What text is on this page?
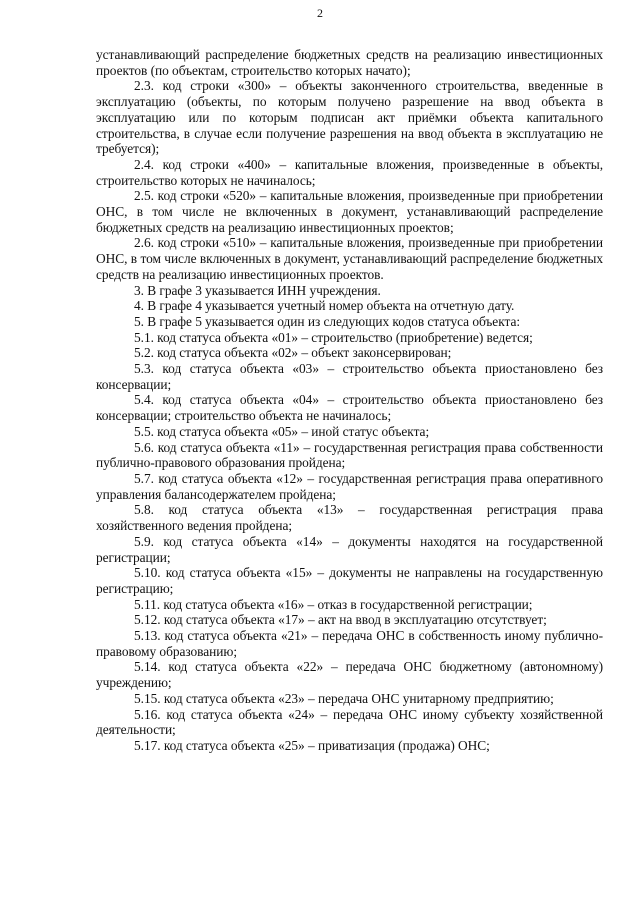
2

устанавливающий распределение бюджетных средств на реализацию инвестиционных проектов (по объектам, строительство которых начато);

2.3. код строки «300» – объекты законченного строительства, введенные в эксплуатацию (объекты, по которым получено разрешение на ввод объекта в эксплуатацию или по которым подписан акт приёмки объекта капитального строительства, в случае если получение разрешения на ввод объекта в эксплуатацию не требуется);

2.4. код строки «400» – капитальные вложения, произведенные в объекты, строительство которых не начиналось;

2.5. код строки «520» – капитальные вложения, произведенные при приобретении ОНС, в том числе не включенных в документ, устанавливающий распределение бюджетных средств на реализацию инвестиционных проектов;

2.6. код строки «510» – капитальные вложения, произведенные при приобретении ОНС, в том числе включенных в документ, устанавливающий распределение бюджетных средств на реализацию инвестиционных проектов.

3. В графе 3 указывается ИНН учреждения.

4. В графе 4 указывается учетный номер объекта на отчетную дату.

5. В графе 5 указывается один из следующих кодов статуса объекта:

5.1. код статуса объекта «01» – строительство (приобретение) ведется;

5.2. код статуса объекта «02» – объект законсервирован;

5.3. код статуса объекта «03» – строительство объекта приостановлено без консервации;

5.4. код статуса объекта «04» – строительство объекта приостановлено без консервации; строительство объекта не начиналось;

5.5. код статуса объекта «05» – иной статус объекта;

5.6. код статуса объекта «11» – государственная регистрация права собственности публично-правового образования пройдена;

5.7. код статуса объекта «12» – государственная регистрация права оперативного управления балансодержателем пройдена;

5.8. код статуса объекта «13» – государственная регистрация права хозяйственного ведения пройдена;

5.9. код статуса объекта «14» – документы находятся на государственной регистрации;

5.10. код статуса объекта «15» – документы не направлены на государственную регистрацию;

5.11. код статуса объекта «16» – отказ в государственной регистрации;

5.12. код статуса объекта «17» – акт на ввод в эксплуатацию отсутствует;

5.13. код статуса объекта «21» – передача ОНС в собственность иному публично-правовому образованию;

5.14. код статуса объекта «22» – передача ОНС бюджетному (автономному) учреждению;

5.15. код статуса объекта «23» – передача ОНС унитарному предприятию;

5.16. код статуса объекта «24» – передача ОНС иному субъекту хозяйственной деятельности;

5.17. код статуса объекта «25» – приватизация (продажа) ОНС;
